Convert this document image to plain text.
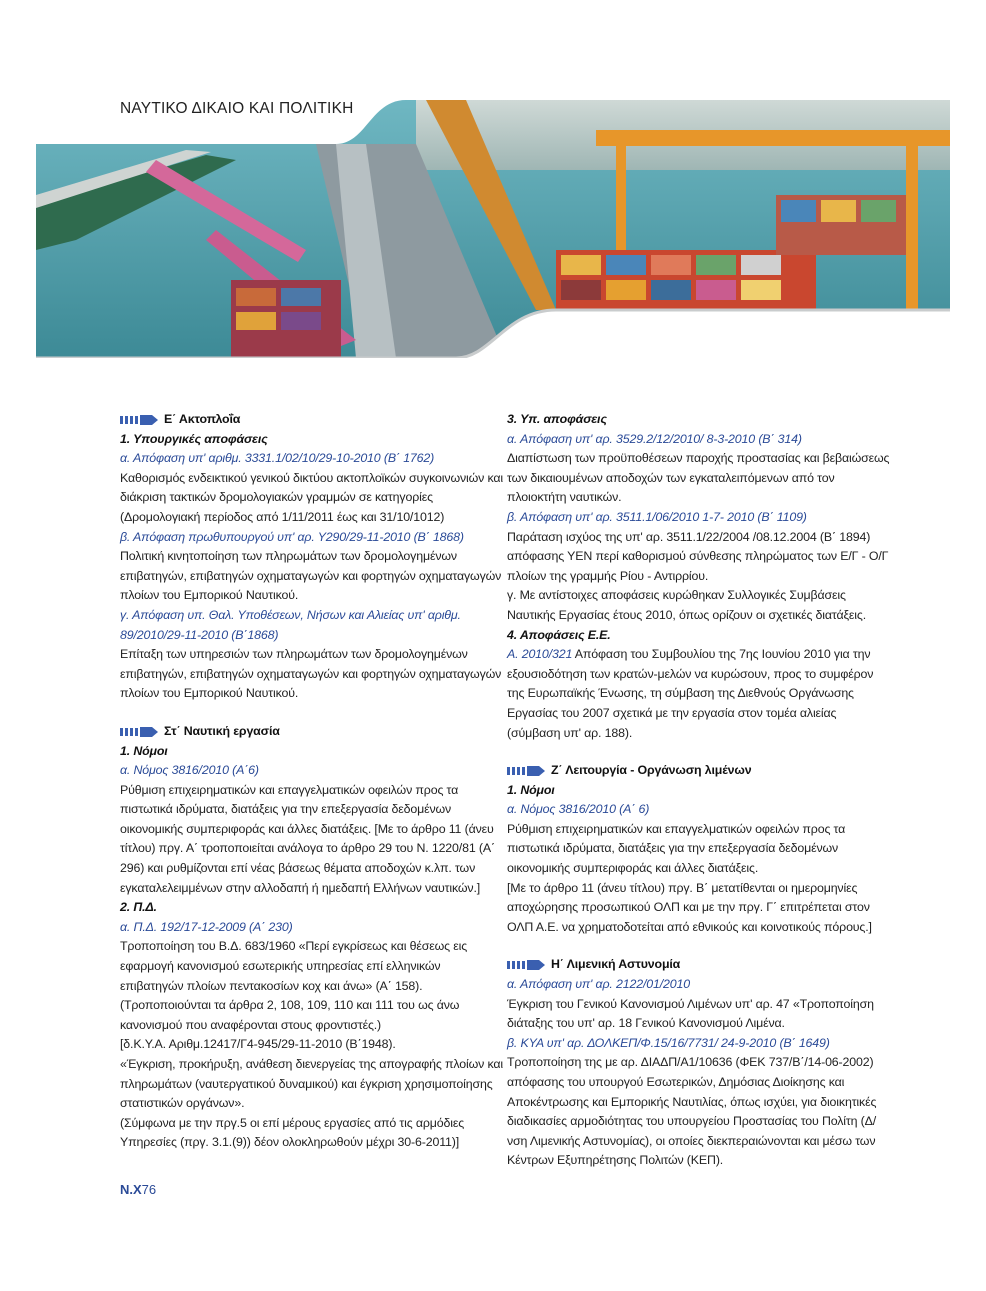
ΝΑΥΤΙΚΟ ΔΙΚΑΙΟ ΚΑΙ ΠΟΛΙΤΙΚΗ
Ε΄ Ακτοπλοΐα
1. Υπουργικές αποφάσεις
α. Απόφαση υπ' αριθμ. 3331.1/02/10/29-10-2010 (Β΄ 1762)
Καθορισμός ενδεικτικού γενικού δικτύου ακτοπλοϊκών συγκοινωνιών και διάκριση τακτικών δρομολογιακών γραμμών σε κατηγορίες (Δρομολογιακή περίοδος από 1/11/2011 έως και 31/10/1012)
β. Απόφαση πρωθυπουργού υπ' αρ. Υ290/29-11-2010 (Β΄ 1868)
Πολιτική κινητοποίηση των πληρωμάτων των δρομολογημένων επιβατηγών, επιβατηγών οχηματαγωγών και φορτηγών οχηματαγωγών πλοίων του Εμπορικού Ναυτικού.
γ. Απόφαση υπ. Θαλ. Υποθέσεων, Νήσων και Αλιείας υπ' αριθμ. 89/2010/29-11-2010 (Β΄1868)
Επίταξη των υπηρεσιών των πληρωμάτων των δρομολογημένων επιβατηγών, επιβατηγών οχηματαγωγών και φορτηγών οχηματαγωγών πλοίων του Εμπορικού Ναυτικού.
Στ΄ Ναυτική εργασία
1. Νόμοι
α. Νόμος 3816/2010 (Α΄6)
Ρύθμιση επιχειρηματικών και επαγγελματικών οφειλών προς τα πιστωτικά ιδρύματα, διατάξεις για την επεξεργασία δεδομένων οικονομικής συμπεριφοράς και άλλες διατάξεις. [Με το άρθρο 11 (άνευ τίτλου) πργ. Α΄ τροποποιείται ανάλογα το άρθρο 29 του Ν. 1220/81 (Α΄ 296) και ρυθμίζονται επί νέας βάσεως θέματα αποδοχών κ.λπ. των εγκαταλελειμμένων στην αλλοδαπή ή ημεδαπή Ελλήνων ναυτικών.]
2. Π.Δ.
α. Π.Δ. 192/17-12-2009 (Α΄ 230)
Τροποποίηση του Β.Δ. 683/1960 «Περί εγκρίσεως και θέσεως εις εφαρμογή κανονισμού εσωτερικής υπηρεσίας επί ελληνικών επιβατηγών πλοίων πεντακοσίων κοχ και άνω» (Α΄ 158). (Τροποποιούνται τα άρθρα 2, 108, 109, 110 και 111 του ως άνω κανονισμού που αναφέρονται στους φροντιστές.)
[δ.Κ.Υ.Α. Αριθμ.12417/Γ4-945/29-11-2010 (Β΄1948).
«Έγκριση, προκήρυξη, ανάθεση διενεργείας της απογραφής πλοίων και πληρωμάτων (ναυτεργατικού δυναμικού) και έγκριση χρησιμοποίησης στατιστικών οργάνων».
(Σύμφωνα με την πργ.5 οι επί μέρους εργασίες από τις αρμόδιες Υπηρεσίες (πργ. 3.1.(9)) δέον ολοκληρωθούν μέχρι 30-6-2011)]
3. Υπ. αποφάσεις
α. Απόφαση υπ' αρ. 3529.2/12/2010/ 8-3-2010 (Β΄ 314)
Διαπίστωση των προϋποθέσεων παροχής προστασίας και βεβαιώσεως των δικαιουμένων αποδοχών των εγκαταλειπόμενων από τον πλοιοκτήτη ναυτικών.
β. Απόφαση υπ' αρ. 3511.1/06/2010 1-7- 2010 (Β΄ 1109)
Παράταση ισχύος της υπ' αρ. 3511.1/22/2004 /08.12.2004 (Β΄ 1894) απόφασης ΥΕΝ περί καθορισμού σύνθεσης πληρώματος των Ε/Γ - Ο/Γ πλοίων της γραμμής Ρίου - Αντιρρίου.
γ. Με αντίστοιχες αποφάσεις κυρώθηκαν Συλλογικές Συμβάσεις Ναυτικής Εργασίας έτους 2010, όπως ορίζουν οι σχετικές διατάξεις.
4. Αποφάσεις Ε.Ε.
Α. 2010/321 Απόφαση του Συμβουλίου της 7ης Ιουνίου 2010 για την εξουσιοδότηση των κρατών-μελών να κυρώσουν, προς το συμφέρον της Ευρωπαϊκής Ένωσης, τη σύμβαση της Διεθνούς Οργάνωσης Εργασίας του 2007 σχετικά με την εργασία στον τομέα αλιείας (σύμβαση υπ' αρ. 188).
Ζ΄ Λειτουργία - Οργάνωση λιμένων
1. Νόμοι
α. Νόμος 3816/2010 (Α΄ 6)
Ρύθμιση επιχειρηματικών και επαγγελματικών οφειλών προς τα πιστωτικά ιδρύματα, διατάξεις για την επεξεργασία δεδομένων οικονομικής συμπεριφοράς και άλλες διατάξεις.
[Με το άρθρο 11 (άνευ τίτλου) πργ. Β΄ μετατίθενται οι ημερομηνίες αποχώρησης προσωπικού ΟΛΠ και με την πργ. Γ΄ επιτρέπεται στον ΟΛΠ Α.Ε. να χρηματοδοτείται από εθνικούς και κοινοτικούς πόρους.]
Η΄ Λιμενική Αστυνομία
α. Απόφαση υπ' αρ. 2122/01/2010
Έγκριση του Γενικού Κανονισμού Λιμένων υπ' αρ. 47 «Τροποποίηση διάταξης του υπ' αρ. 18 Γενικού Κανονισμού Λιμένα.
β. ΚΥΑ υπ' αρ. ΔΟΛΚΕΠ/Φ.15/16/7731/ 24-9-2010 (Β΄ 1649)
Τροποποίηση της με αρ. ΔΙΑΔΠ/Α1/10636 (ΦΕΚ 737/Β΄/14-06-2002) απόφασης του υπουργού Εσωτερικών, Δημόσιας Διοίκησης και Αποκέντρωσης και Εμπορικής Ναυτιλίας, όπως ισχύει, για διοικητικές διαδικασίες αρμοδιότητας του υπουργείου Προστασίας του Πολίτη (Δ/νση Λιμενικής Αστυνομίας), οι οποίες διεκπεραιώνονται και μέσω των Κέντρων Εξυπηρέτησης Πολιτών (ΚΕΠ).
N.X76
